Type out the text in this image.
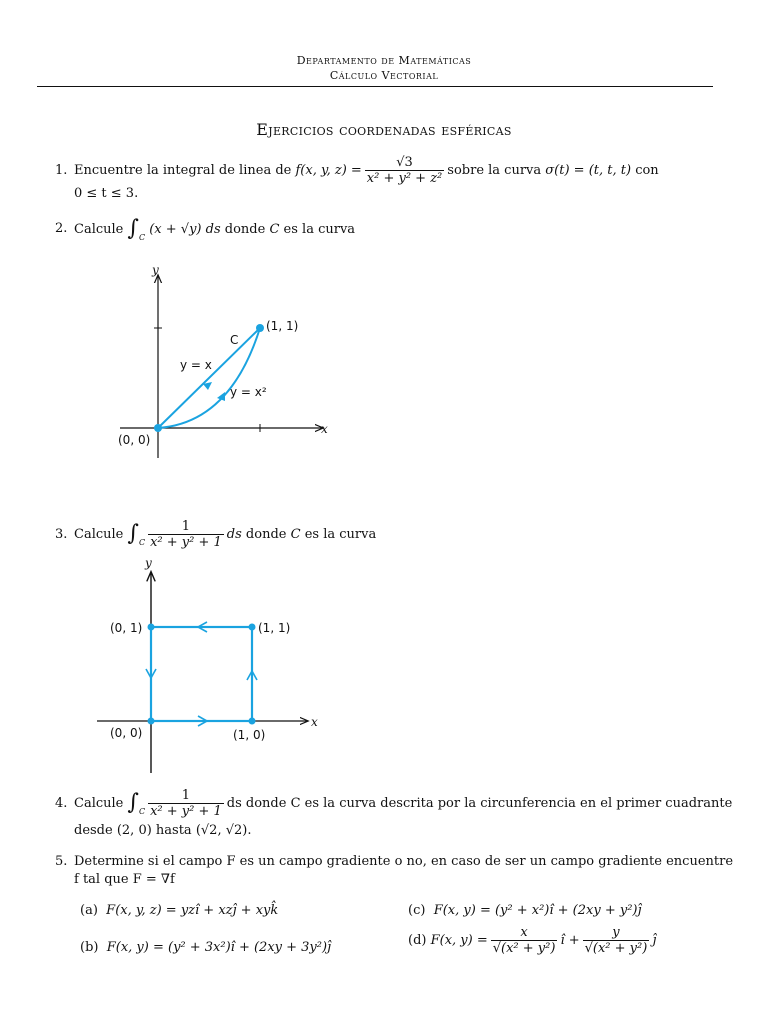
Departamento de Matemáticas
Cálculo Vectorial
Ejercicios coordenadas esféricas
1. Encuentre la integral de linea de
f(x, y, $z) = \frac{√3}{\text{x² + y² + z²}}$ sobre la curva
σ(t) = (t, t, t)
con
0 ≤ t ≤ 3.
2. Calcule
∫ C

(x + √y) ds
donde
C
es la curva
y
x
(0, 0)
(1, 1)
C
y = x
y = x²
3. Calcule
∫ C $\frac{1}{\text{x² + y² + 1}}$ ds
donde
C
es la curva
y
x
(0, 0)
(0, 1)	(1, 1)
(1, 0)
4. Calcule
∫ C $\frac{1}{\text{x² + y² + 1}}$ ds donde C es la curva descrita por la circunferencia en el primer cuadrante
desde (2, 0) hasta (√2, √2).
5. Determine si el campo F es un campo gradiente o no, en caso de ser un campo gradiente encuentre
f tal que F = ∇f
(a) F(x, y, z) = yzî + xzĵ + xyk̂
(b) F(x, y) = (y² + 3x²)î + (2xy + 3y²)ĵ
(c) F(x, y) = (y² + x²)î + (2xy + y²)ĵ
(d)
F(x, $y) = \frac{x}{\text{√(x² + y²)}}$ î + $\frac{y}{\text{√(x² + y²)}}$ ĵ
